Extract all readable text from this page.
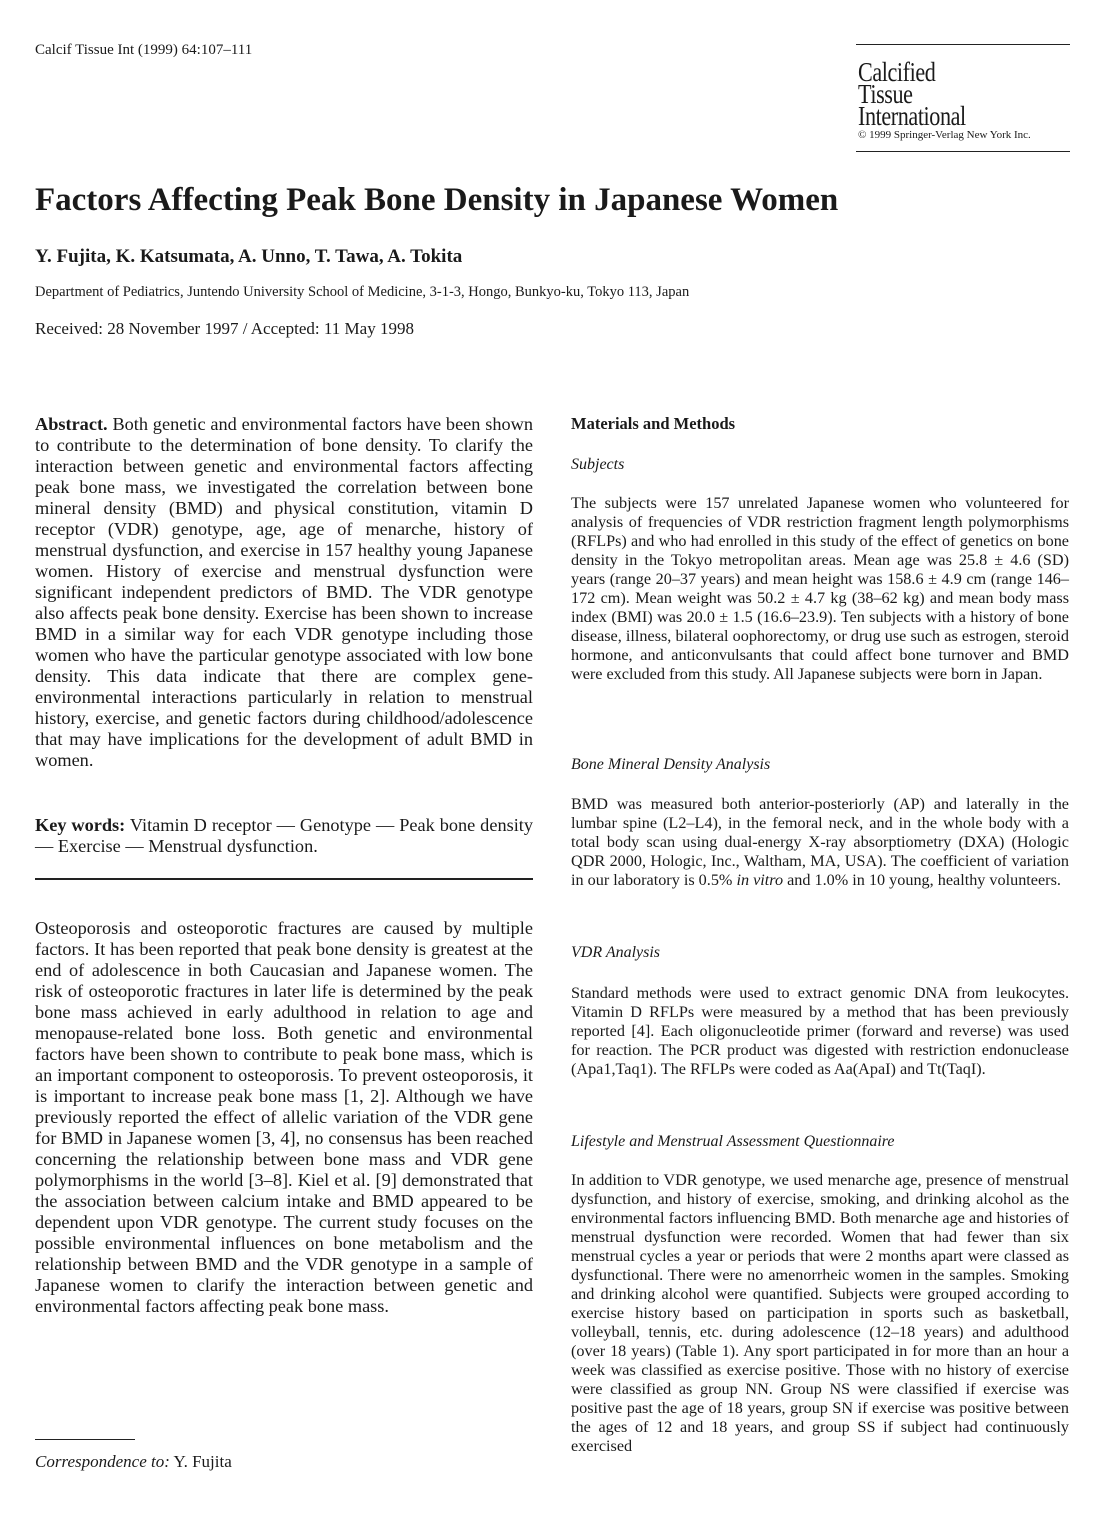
Calcif Tissue Int (1999) 64:107–111
Calcified
Tissue
International
© 1999 Springer-Verlag New York Inc.
Factors Affecting Peak Bone Density in Japanese Women
Y. Fujita, K. Katsumata, A. Unno, T. Tawa, A. Tokita
Department of Pediatrics, Juntendo University School of Medicine, 3-1-3, Hongo, Bunkyo-ku, Tokyo 113, Japan
Received: 28 November 1997 / Accepted: 11 May 1998
Abstract. Both genetic and environmental factors have been shown to contribute to the determination of bone density. To clarify the interaction between genetic and environmental factors affecting peak bone mass, we investigated the correlation between bone mineral density (BMD) and physical constitution, vitamin D receptor (VDR) genotype, age, age of menarche, history of menstrual dysfunction, and exercise in 157 healthy young Japanese women. History of exercise and menstrual dysfunction were significant independent predictors of BMD. The VDR genotype also affects peak bone density. Exercise has been shown to increase BMD in a similar way for each VDR genotype including those women who have the particular genotype associated with low bone density. This data indicate that there are complex gene-environmental interactions particularly in relation to menstrual history, exercise, and genetic factors during childhood/adolescence that may have implications for the development of adult BMD in women.
Key words: Vitamin D receptor — Genotype — Peak bone density — Exercise — Menstrual dysfunction.
Osteoporosis and osteoporotic fractures are caused by multiple factors. It has been reported that peak bone density is greatest at the end of adolescence in both Caucasian and Japanese women. The risk of osteoporotic fractures in later life is determined by the peak bone mass achieved in early adulthood in relation to age and menopause-related bone loss. Both genetic and environmental factors have been shown to contribute to peak bone mass, which is an important component to osteoporosis. To prevent osteoporosis, it is important to increase peak bone mass [1, 2]. Although we have previously reported the effect of allelic variation of the VDR gene for BMD in Japanese women [3, 4], no consensus has been reached concerning the relationship between bone mass and VDR gene polymorphisms in the world [3–8]. Kiel et al. [9] demonstrated that the association between calcium intake and BMD appeared to be dependent upon VDR genotype. The current study focuses on the possible environmental influences on bone metabolism and the relationship between BMD and the VDR genotype in a sample of Japanese women to clarify the interaction between genetic and environmental factors affecting peak bone mass.
Correspondence to: Y. Fujita
Materials and Methods
Subjects
The subjects were 157 unrelated Japanese women who volunteered for analysis of frequencies of VDR restriction fragment length polymorphisms (RFLPs) and who had enrolled in this study of the effect of genetics on bone density in the Tokyo metropolitan areas. Mean age was 25.8 ± 4.6 (SD) years (range 20–37 years) and mean height was 158.6 ± 4.9 cm (range 146–172 cm). Mean weight was 50.2 ± 4.7 kg (38–62 kg) and mean body mass index (BMI) was 20.0 ± 1.5 (16.6–23.9). Ten subjects with a history of bone disease, illness, bilateral oophorectomy, or drug use such as estrogen, steroid hormone, and anticonvulsants that could affect bone turnover and BMD were excluded from this study. All Japanese subjects were born in Japan.
Bone Mineral Density Analysis
BMD was measured both anterior-posteriorly (AP) and laterally in the lumbar spine (L2–L4), in the femoral neck, and in the whole body with a total body scan using dual-energy X-ray absorptiometry (DXA) (Hologic QDR 2000, Hologic, Inc., Waltham, MA, USA). The coefficient of variation in our laboratory is 0.5% in vitro and 1.0% in 10 young, healthy volunteers.
VDR Analysis
Standard methods were used to extract genomic DNA from leukocytes. Vitamin D RFLPs were measured by a method that has been previously reported [4]. Each oligonucleotide primer (forward and reverse) was used for reaction. The PCR product was digested with restriction endonuclease (Apa1,Taq1). The RFLPs were coded as Aa(ApaI) and Tt(TaqI).
Lifestyle and Menstrual Assessment Questionnaire
In addition to VDR genotype, we used menarche age, presence of menstrual dysfunction, and history of exercise, smoking, and drinking alcohol as the environmental factors influencing BMD. Both menarche age and histories of menstrual dysfunction were recorded. Women that had fewer than six menstrual cycles a year or periods that were 2 months apart were classed as dysfunctional. There were no amenorrheic women in the samples. Smoking and drinking alcohol were quantified. Subjects were grouped according to exercise history based on participation in sports such as basketball, volleyball, tennis, etc. during adolescence (12–18 years) and adulthood (over 18 years) (Table 1). Any sport participated in for more than an hour a week was classified as exercise positive. Those with no history of exercise were classified as group NN. Group NS were classified if exercise was positive past the age of 18 years, group SN if exercise was positive between the ages of 12 and 18 years, and group SS if subject had continuously exercised
